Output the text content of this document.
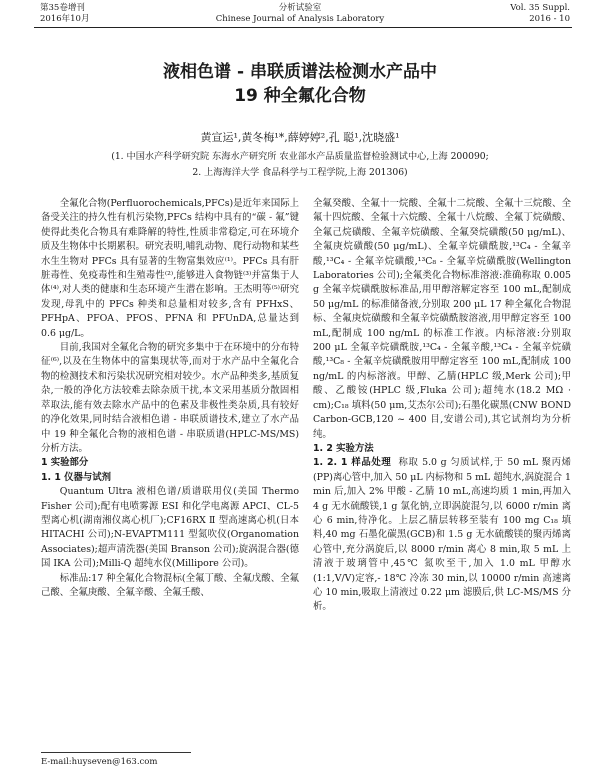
第35卷增刊
2016年10月
分析试验室
Chinese Journal of Analysis Laboratory
Vol. 35 Suppl.
2016 - 10
液相色谱 - 串联质谱法检测水产品中
19 种全氟化合物
黄宣运¹,黄冬梅¹*,薛婷婷²,孔 聪¹,沈晓盛¹
(1. 中国水产科学研究院 东海水产研究所 农业部水产品质量监督检验测试中心,上海 200090;
2. 上海海洋大学 食品科学与工程学院,上海 201306)

全氟化合物(Perfluorochemicals,PFCs)是近年来国际上备受关注的持久性有机污染物,PFCs 结构中具有的“碳 - 氟”键使得此类化合物具有难降解的特性,性质非常稳定,可在环境介质及生物体中长期累积。研究表明,哺乳动物、爬行动物和某些水生生物对 PFCs 具有显著的生物富集效应⁽¹⁾。PFCs 具有肝脏毒性、免疫毒性和生殖毒性⁽²⁾,能够进入食物链⁽³⁾并富集于人体⁽⁴⁾,对人类的健康和生态环境产生潜在影响。王杰明等⁽⁵⁾研究发现,母乳中的 PFCs 种类和总量相对较多,含有 PFHxS、PFHpA、PFOA、PFOS、PFNA 和 PFUnDA,总量达到 0.6 μg/L。

目前,我国对全氟化合物的研究多集中于在环境中的分布特征⁽⁶⁾,以及在生物体中的富集现状等,而对于水产品中全氟化合物的检测技术和污染状况研究相对较少。水产品种类多,基质复杂,一般的净化方法较难去除杂质干扰,本文采用基质分散固相萃取法,能有效去除水产品中的色素及非极性类杂质,具有较好的净化效果,同时结合液相色谱 - 串联质谱技术,建立了水产品中 19 种全氟化合物的液相色谱 - 串联质谱(HPLC-MS/MS)分析方法。

1 实验部分
1. 1 仪器与试剂

Quantum Ultra 液相色谱/质谱联用仪(美国 Thermo Fisher 公司);配有电喷雾源 ESI 和化学电离源 APCI、CL-5 型离心机(湖南湘仪离心机厂);CF16RX Ⅱ 型高速离心机(日本 HITACHI 公司);N-EVAPTM111 型氮吹仪(Organomation Associates);超声清洗器(美国 Branson 公司);旋涡混合器(德国 IKA 公司);Milli-Q 超纯水仪(Millipore 公司)。

标准品:17 种全氟化合物混标(全氟丁酸、全氟戊酸、全氟己酸、全氟庚酸、全氟辛酸、全氟壬酸、

全氟癸酸、全氟十一烷酸、全氟十二烷酸、全氟十三烷酸、全氟十四烷酸、全氟十六烷酸、全氟十八烷酸、全氟丁烷磺酸、全氟己烷磺酸、全氟辛烷磺酸、全氟癸烷磺酸(50 μg/mL)、全氟庚烷磺酸(50 μg/mL)、全氟辛烷磺酰胺,¹³C₄ - 全氟辛酸,¹³C₄ - 全氟辛烷磺酸,¹³C₈ - 全氟辛烷磺酰胺(Wellington Laboratories 公司);全氟类化合物标准溶液:准确称取 0.005 g 全氟辛烷磺酰胺标准品,用甲醇溶解定容至 100 mL,配制成 50 μg/mL 的标准储备液,分别取 200 μL 17 种全氟化合物混标、全氟庚烷磺酸和全氟辛烷磺酰胺溶液,用甲醇定容至 100 mL,配制成 100 ng/mL 的标准工作液。内标溶液:分别取 200 μL 全氟辛烷磺酰胺,¹³C₄ - 全氟辛酸,¹³C₄ - 全氟辛烷磺酸,¹³C₈ - 全氟辛烷磺酰胺用甲醇定容至 100 mL,配制成 100 ng/mL 的内标溶液。甲醇、乙腈(HPLC 级,Merk 公司);甲酸、乙酸铵(HPLC 级,Fluka 公司);超纯水(18.2 MΩ · cm);C₁₈ 填料(50 μm,艾杰尔公司);石墨化碳黑(CNW BOND Carbon-GCB,120 ~ 400 目,安谱公司),其它试剂均为分析纯。

1. 2 实验方法

1. 2. 1 样品处理 称取 5.0 g 匀质试样,于 50 mL 聚丙烯(PP)离心管中,加入 50 μL 内标物和 5 mL 超纯水,涡旋混合 1 min 后,加入 2% 甲酸 - 乙腈 10 mL,高速均质 1 min,再加入 4 g 无水硫酸镁,1 g 氯化钠,立即涡旋混匀,以 6000 r/min 离心 6 min,待净化。上层乙腈层转移至装有 100 mg C₁₈ 填料,40 mg 石墨化碳黑(GCB)和 1.5 g 无水硫酸镁的聚丙烯离心管中,充分涡旋后,以 8000 r/min 离心 8 min,取 5 mL 上清液于玻璃管中,45℃ 氮吹至干,加入 1.0 mL 甲醇水(1:1,V/V)定容,- 18℃ 冷冻 30 min,以 10000 r/min 高速离心 10 min,吸取上清液过 0.22 μm 滤膜后,供 LC-MS/MS 分析。

E-mail:huyseven@163.com
